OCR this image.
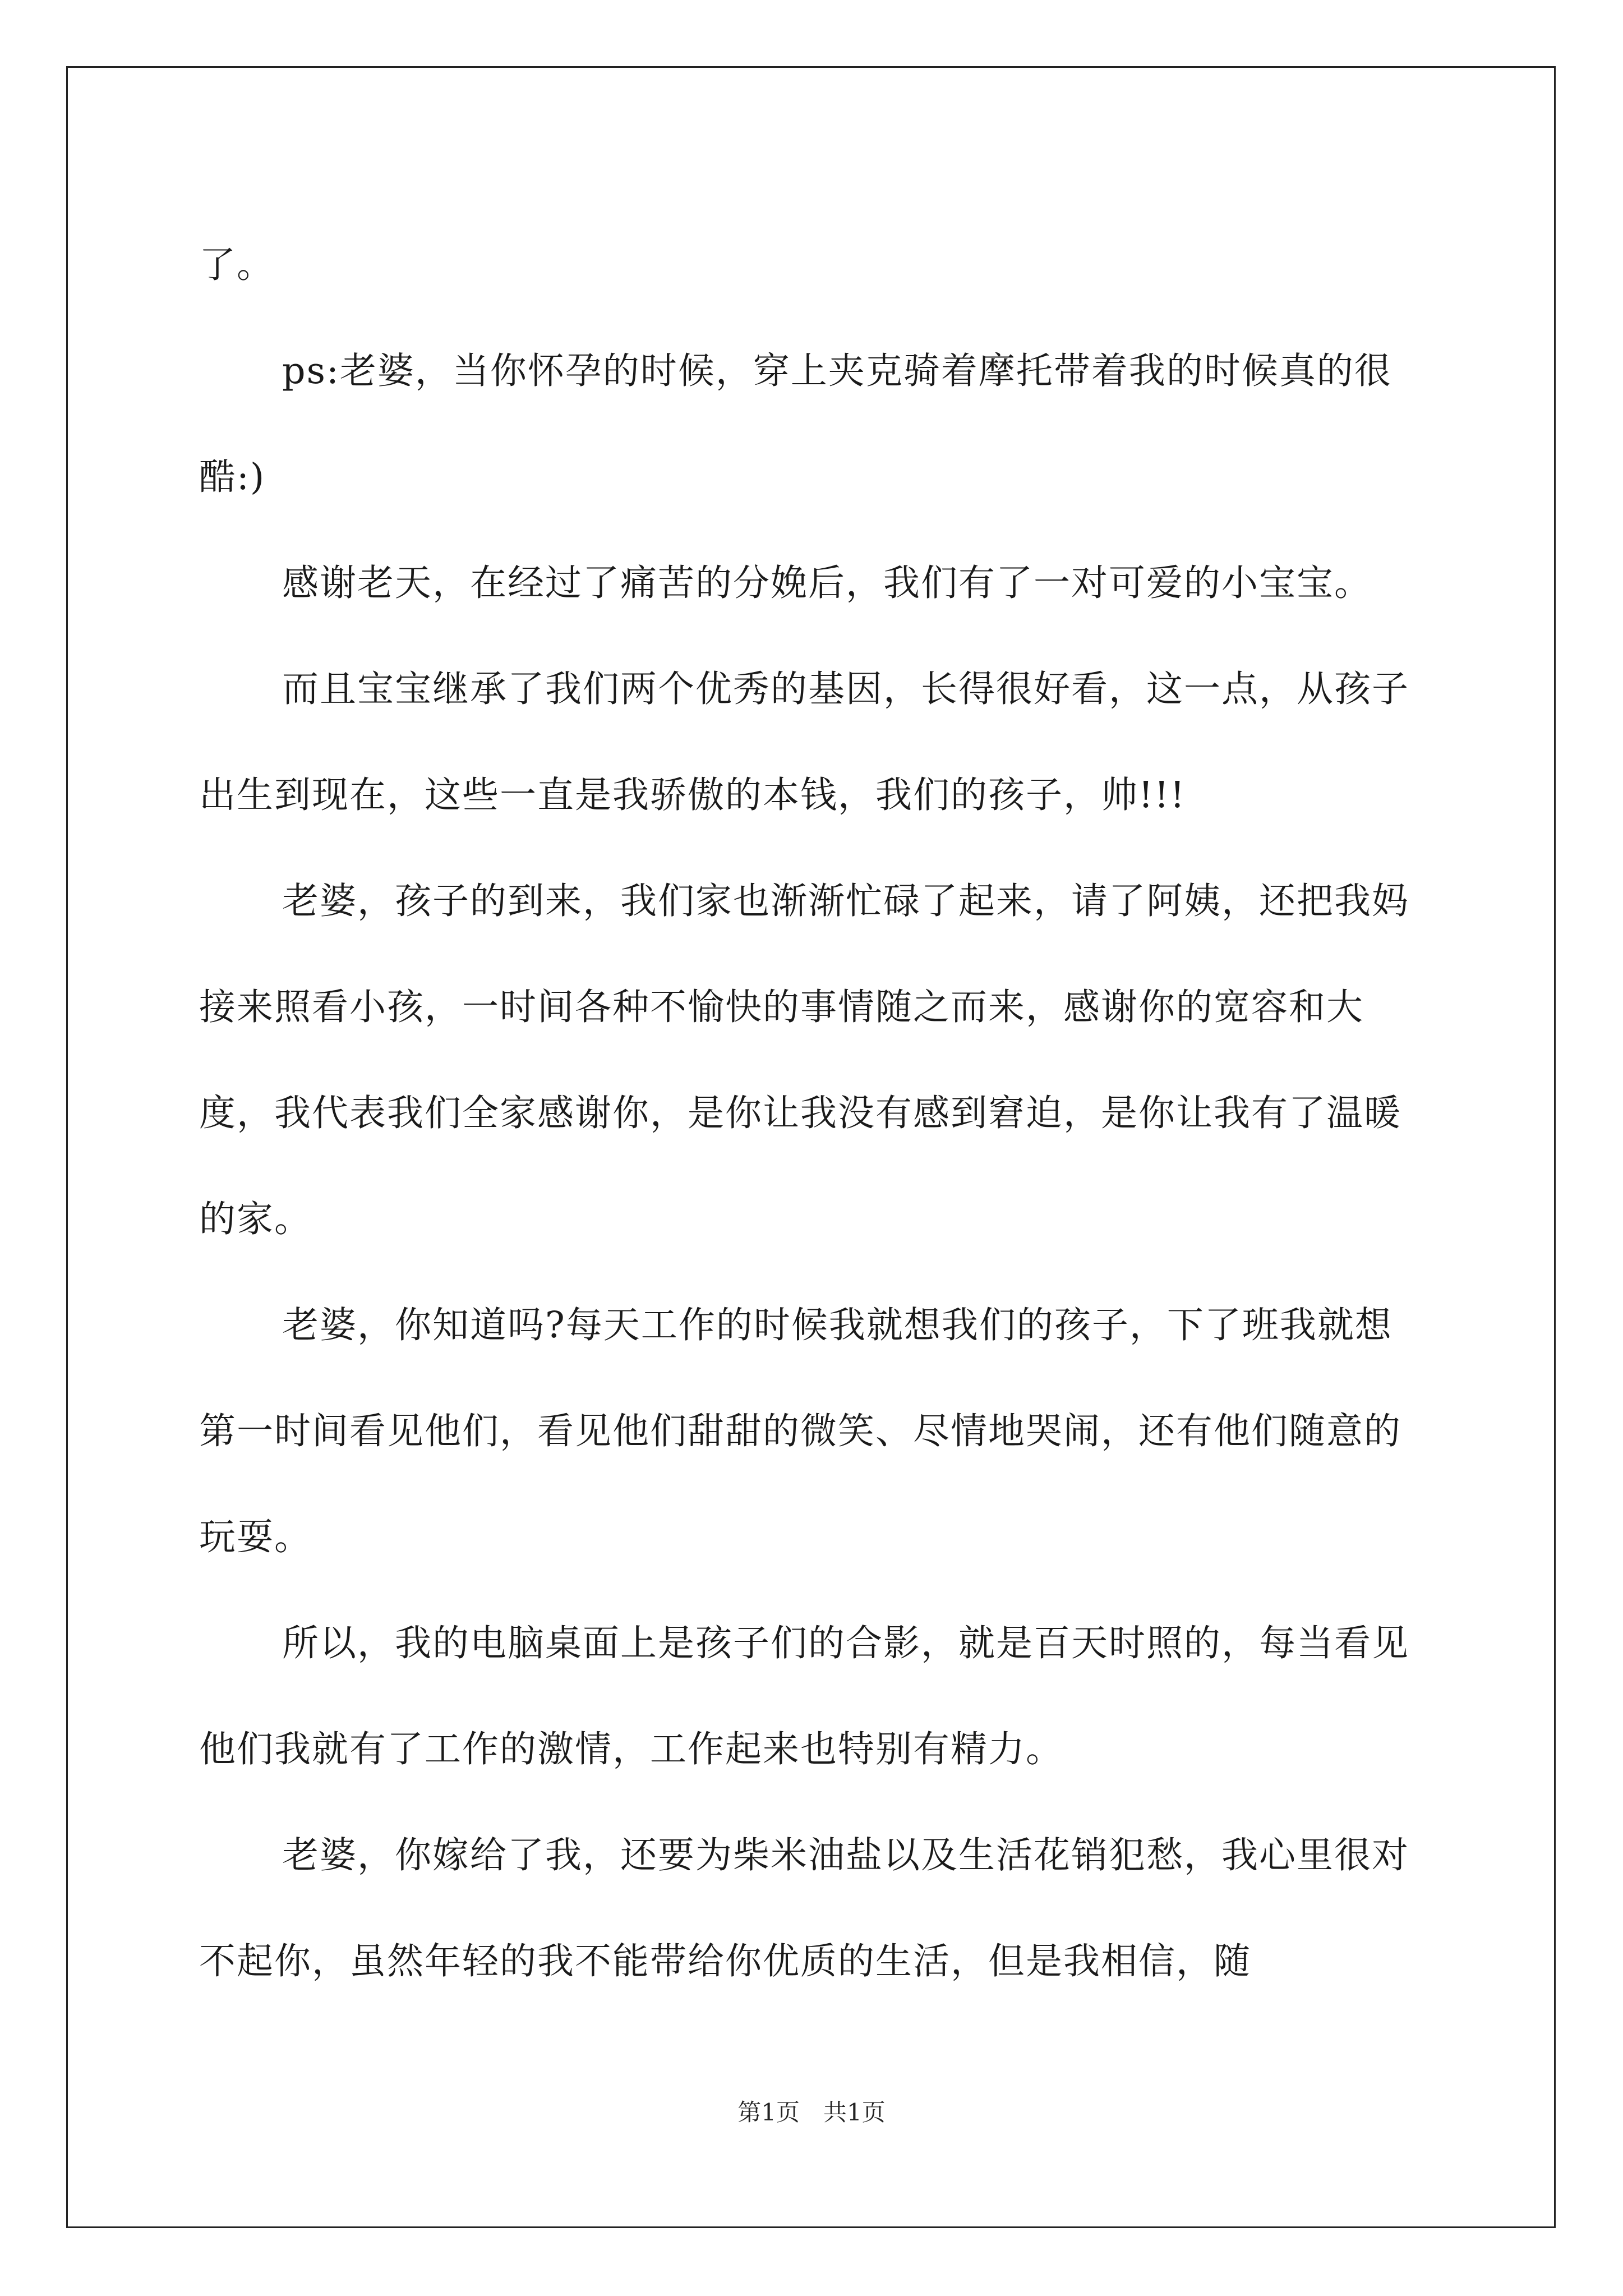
了。

ps:老婆，当你怀孕的时候，穿上夹克骑着摩托带着我的时候真的很酷:)

感谢老天，在经过了痛苦的分娩后，我们有了一对可爱的小宝宝。

而且宝宝继承了我们两个优秀的基因，长得很好看，这一点，从孩子出生到现在，这些一直是我骄傲的本钱，我们的孩子，帅!!!

老婆，孩子的到来，我们家也渐渐忙碌了起来，请了阿姨，还把我妈接来照看小孩，一时间各种不愉快的事情随之而来，感谢你的宽容和大度，我代表我们全家感谢你，是你让我没有感到窘迫，是你让我有了温暖的家。

老婆，你知道吗?每天工作的时候我就想我们的孩子，下了班我就想第一时间看见他们，看见他们甜甜的微笑、尽情地哭闹，还有他们随意的玩耍。

所以，我的电脑桌面上是孩子们的合影，就是百天时照的，每当看见他们我就有了工作的激情，工作起来也特别有精力。

老婆，你嫁给了我，还要为柴米油盐以及生活花销犯愁，我心里很对不起你，虽然年轻的我不能带给你优质的生活，但是我相信，随

第1页 共1页
